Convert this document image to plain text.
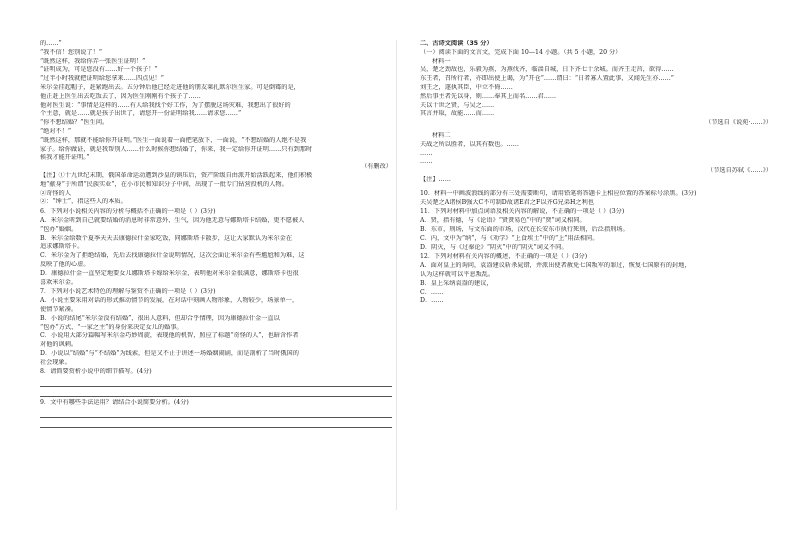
的……”
“我不信！您别说了！”
“既然这样，我给你弄一张医生证明！”
“证明成为，可是您没有……好一个孩子！”
“过半小时我就把证明给您拿来……四点见！”
米尔金挂起帽子，赶紧跑出去。五分钟后他已经走进他的朋友莱扎默尔医生家。可是倒霉的是，
他正赶上医生出去吃饭去了，因为医生刚刚有个孩子了……
他对医生说：“事情是这样的……有人给我找个好工作，为了摆脱这场灾难，我想出了很好的
个主意，就是……就是孩子出世了，请您开一份证明给我……请求您……”
“你不想结婚？”医生问。
“绝对不！”
“既然这样，那就不能给你开证明。”医生一面说着一面把笔放下，一面说，“不想结婚的人绝不是我
家子。给你做证，就是我帮别人……什么时候你想结婚了，你来，我一定给你开证明……只有到那时
候我才能开证明。”
（有删改）
【注】①十九世纪末期，俄国革命运动遭到沙皇的镇压后，资产阶级自由派开始活跃起来，他们积极
地“献身”于所谓“民族实业”，在小市民和知识分子中间，出现了一批专门钻营投机的人物。
②奇怪的人
②：“绅士”，指这些人的本质。
6．下列对小说相关内容的分析与概括不正确的一项是（ ）(3分)
A．米尔金听到自己就要结婚的消息时非常意外、生气，因为他无意与娜斯塔卡结婚，更不愿被人
“包办”婚姻。
B．米尔金给数个夏季天天去康德拉什金家吃饭，同娜斯塔卡散步，这让大家默认为米尔金在
追求娜斯塔卡。
C．米尔金为了拒绝结婚，先后去找康德拉什金说明情况，这次会面让米尔金有些尴尬和为难，这
反映了他的心虚。
D．康德拉什金一直坚定地要女儿娜斯塔卡嫁给米尔金，表明他对米尔金很满意，娜斯塔卡也很
喜欢米尔金。
7．下列对小说艺术特色的理解与鉴赏不正确的一项是（ ）(3分)
A．小说主要采用对话的形式推动情节的发展，在对话中刻画人物形象，人物较少，场景单一，
使情节紧凑。
B．小说的结尾“米尔金没有结婚”，很出人意料，但却合乎情理，因为康德拉什金一直以
“包办”方式、“一家之主”的身份来决定女儿的婚事。
C．小说用大部分篇幅写米尔金巧妙周旋，表现他的机智，照应了标题“奇怪的人”，也暗含作者
对他的讽刺。
D．小说以“结婚”与“不结婚”为线索，但是又不止于讲述一场婚姻闹剧，而是剖析了当时俄国的
社会现象。
8．请简要赏析小说中的细节描写。(4分)
9．文中有哪些手法运用？请结合小说简要分析。(4分)
二、古诗文阅读（35 分）
（一）阅读下面的文言文，完成下面 10—14 小题。（共 5 小题，20 分）
材料一
吴，楚之劲敌也，乐毅为燕，为燕伐齐，临淄自城，日下齐七十余城。而齐王走莒，欲得……
东王者，召所行者，亦即出使上谒，为“开仓”……谓曰：“日者寡人置此事，又闻先生亦……”
刘王之，遂执其臣，中立不倚……
然后事主者先以身，则……奉其上而名……君……
夫以十世之贤，与吴之……
其言并取，故能……而……
（节选自《说苑·……》）
材料二
夫战之所以胜者，以其有数也。……
……
……
（节选自苏轼《……》）
【注】……
10．材料一中画波浪线的部分有三处需要断句，请用铅笔将答题卡上相应位置的答案标号涂黑。(3分)
夫吴楚之A诸侯B强大C不可制D故诸E君之F以齐G兄弟H之利也
11．下列对材料中加点词语及相关内容的解说，不正确的一项是（ ）(3分)
A．贤，指有德，与《论语》“贤贤易色”中的“贤”词义相同。
B．东市，刑场，与文东面的市场，汉代在长安东市执行死刑，后泛指刑场。
C．内，文中为“纳”，与《劝学》“上食埃土”中的“上”用法相同。
D．阴灭，与《过秦论》“阴灭”中的“阴灭”词义不同。
12．下列对材料有关内容的概述，不正确的一项是（ ）(3分)
A．面对皇上的询问，袁盎建议斩杀晁错，并派出使者赦免七国叛军的罪过，恢复七国原有的封地，
认为这样就可以平息叛乱。
B．皇上采纳袁盎的建议，
C．……
D．……
